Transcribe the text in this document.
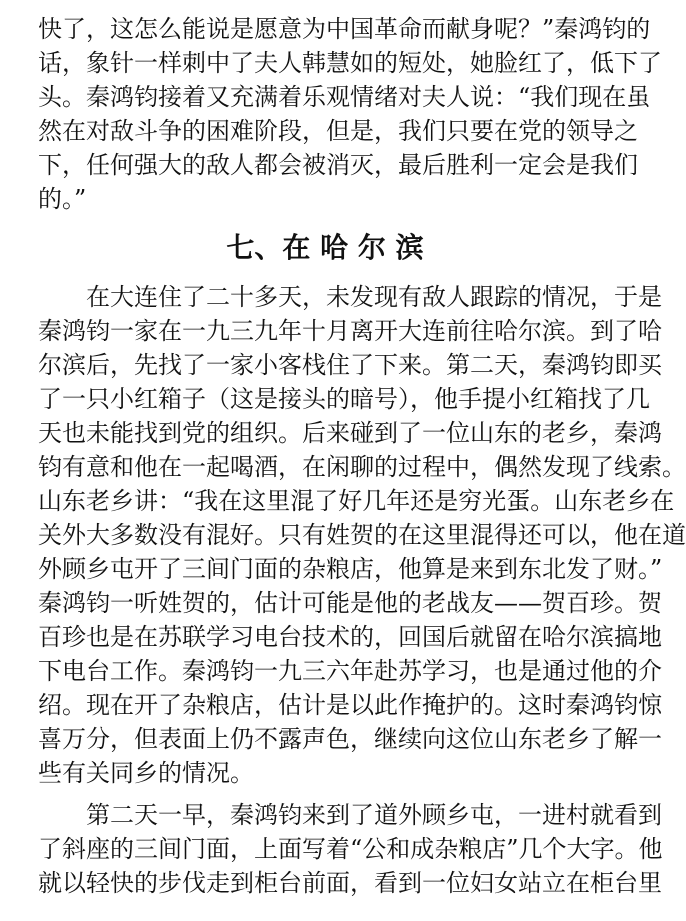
快了，这怎么能说是愿意为中国革命而献身呢？”秦鸿钧的
话，象针一样刺中了夫人韩慧如的短处，她脸红了，低下了
头。秦鸿钧接着又充满着乐观情绪对夫人说：“我们现在虽
然在对敌斗争的困难阶段，但是，我们只要在党的领导之
下，任何强大的敌人都会被消灭，最后胜利一定会是我们
的。”
七、在 哈 尔 滨
在大连住了二十多天，未发现有敌人跟踪的情况，于是
秦鸿钧一家在一九三九年十月离开大连前往哈尔滨。到了哈
尔滨后，先找了一家小客栈住了下来。第二天，秦鸿钧即买
了一只小红箱子（这是接头的暗号），他手提小红箱找了几
天也未能找到党的组织。后来碰到了一位山东的老乡，秦鸿
钧有意和他在一起喝酒，在闲聊的过程中，偶然发现了线索。
山东老乡讲：“我在这里混了好几年还是穷光蛋。山东老乡在
关外大多数没有混好。只有姓贺的在这里混得还可以，他在道
外顾乡屯开了三间门面的杂粮店，他算是来到东北发了财。”
秦鸿钧一听姓贺的，估计可能是他的老战友——贺百珍。贺
百珍也是在苏联学习电台技术的，回国后就留在哈尔滨搞地
下电台工作。秦鸿钧一九三六年赴苏学习，也是通过他的介
绍。现在开了杂粮店，估计是以此作掩护的。这时秦鸿钧惊
喜万分，但表面上仍不露声色，继续向这位山东老乡了解一
些有关同乡的情况。
第二天一早，秦鸿钧来到了道外顾乡屯，一进村就看到
了斜座的三间门面，上面写着“公和成杂粮店”几个大字。他
就以轻快的步伐走到柜台前面，看到一位妇女站立在柜台里
